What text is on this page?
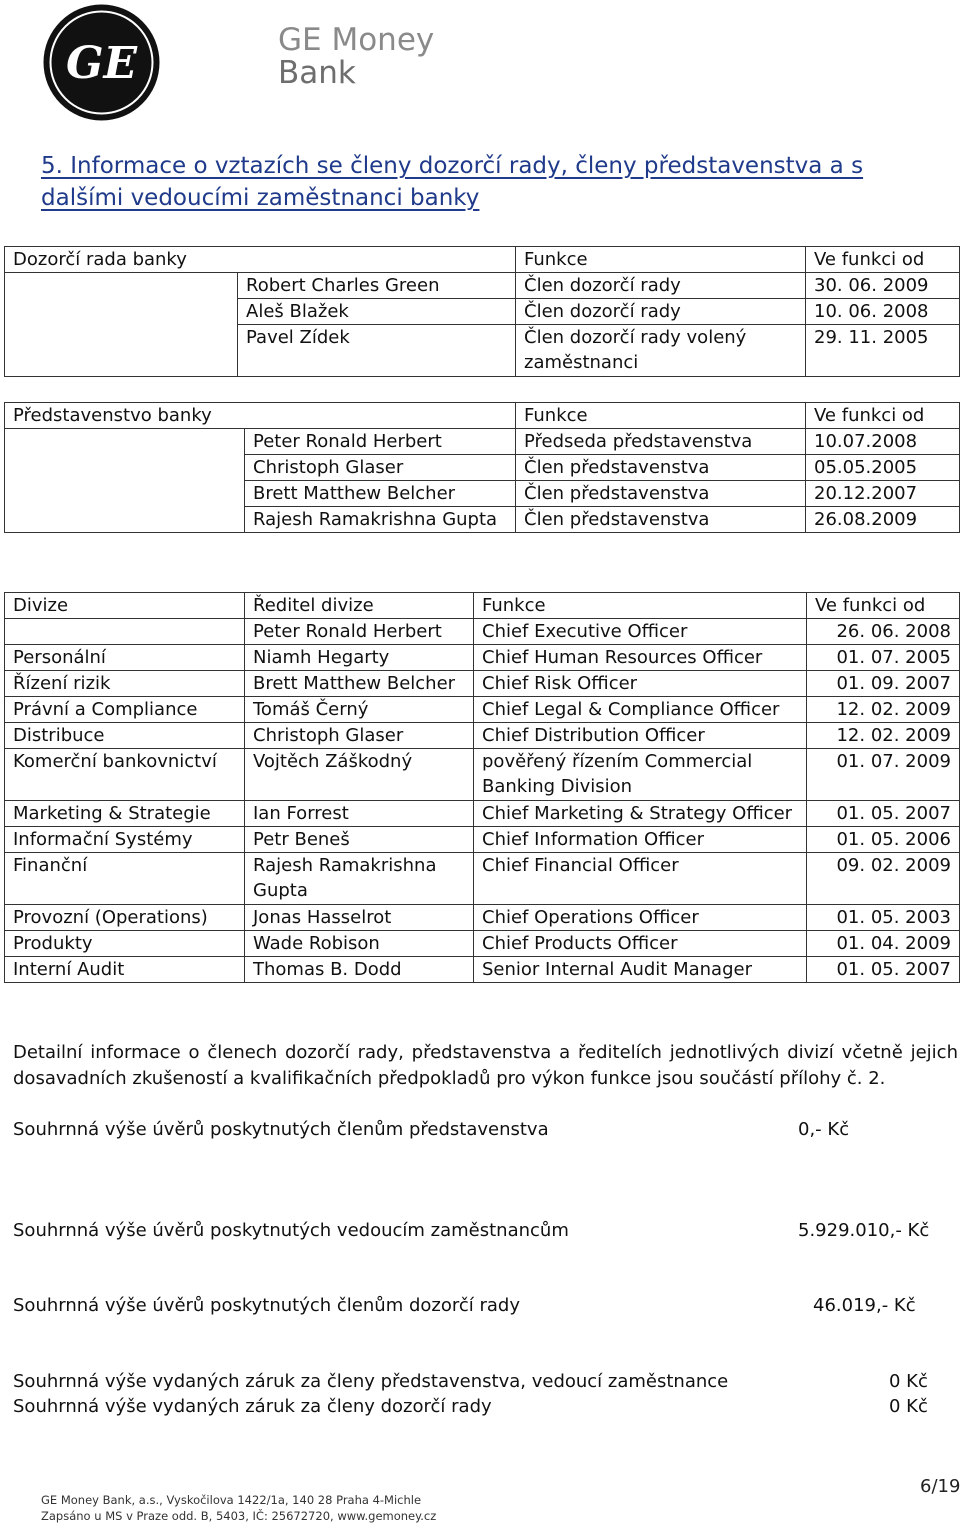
GE	GE Money
Bank
5. Informace o vztazích se členy dozorčí rady, členy představenstva a s dalšími vedoucími zaměstnanci banky
Dozorčí rada banky		Funkce	Ve funkci od
	Robert Charles Green	Člen dozorčí rady	30. 06. 2009
	Aleš Blažek	Člen dozorčí rady	10. 06. 2008
	Pavel Zídek	Člen dozorčí rady volený zaměstnanci	29. 11. 2005
Představenstvo banky		Funkce	Ve funkci od
	Peter Ronald Herbert	Předseda představenstva	10.07.2008
	Christoph Glaser	Člen představenstva	05.05.2005
	Brett Matthew Belcher	Člen představenstva	20.12.2007
	Rajesh Ramakrishna Gupta	Člen představenstva	26.08.2009
Divize	Ředitel divize	Funkce	Ve funkci od
	Peter Ronald Herbert	Chief Executive Officer	26. 06. 2008
Personální	Niamh Hegarty	Chief Human Resources Officer	01. 07. 2005
Řízení rizik	Brett Matthew Belcher	Chief Risk Officer	01. 09. 2007
Právní a Compliance	Tomáš Černý	Chief Legal & Compliance Officer	12. 02. 2009
Distribuce	Christoph Glaser	Chief Distribution Officer	12. 02. 2009
Komerční bankovnictví	Vojtěch Záškodný	pověřený řízením Commercial Banking Division	01. 07. 2009
Marketing & Strategie	Ian Forrest	Chief Marketing & Strategy Officer	01. 05. 2007
Informační Systémy	Petr Beneš	Chief Information Officer	01. 05. 2006
Finanční	Rajesh Ramakrishna Gupta	Chief Financial Officer	09. 02. 2009
Provozní (Operations)	Jonas Hasselrot	Chief Operations Officer	01. 05. 2003
Produkty	Wade Robison	Chief Products Officer	01. 04. 2009
Interní Audit	Thomas B. Dodd	Senior Internal Audit Manager	01. 05. 2007
Detailní informace o členech dozorčí rady, představenstva a ředitelích jednotlivých divizí včetně jejich dosavadních zkušeností a kvalifikačních předpokladů pro výkon funkce jsou součástí přílohy č. 2.
Souhrnná výše úvěrů poskytnutých členům představenstva	0,- Kč
Souhrnná výše úvěrů poskytnutých vedoucím zaměstnancům	5.929.010,- Kč
Souhrnná výše úvěrů poskytnutých členům dozorčí rady	46.019,- Kč
Souhrnná výše vydaných záruk za členy představenstva, vedoucí zaměstnance	0 Kč
Souhrnná výše vydaných záruk za členy dozorčí rady	0 Kč
GE Money Bank, a.s., Vyskočilova 1422/1a, 140 28 Praha 4-Michle
Zapsáno u MS v Praze odd. B, 5403, IČ: 25672720, www.gemoney.cz
6/19
